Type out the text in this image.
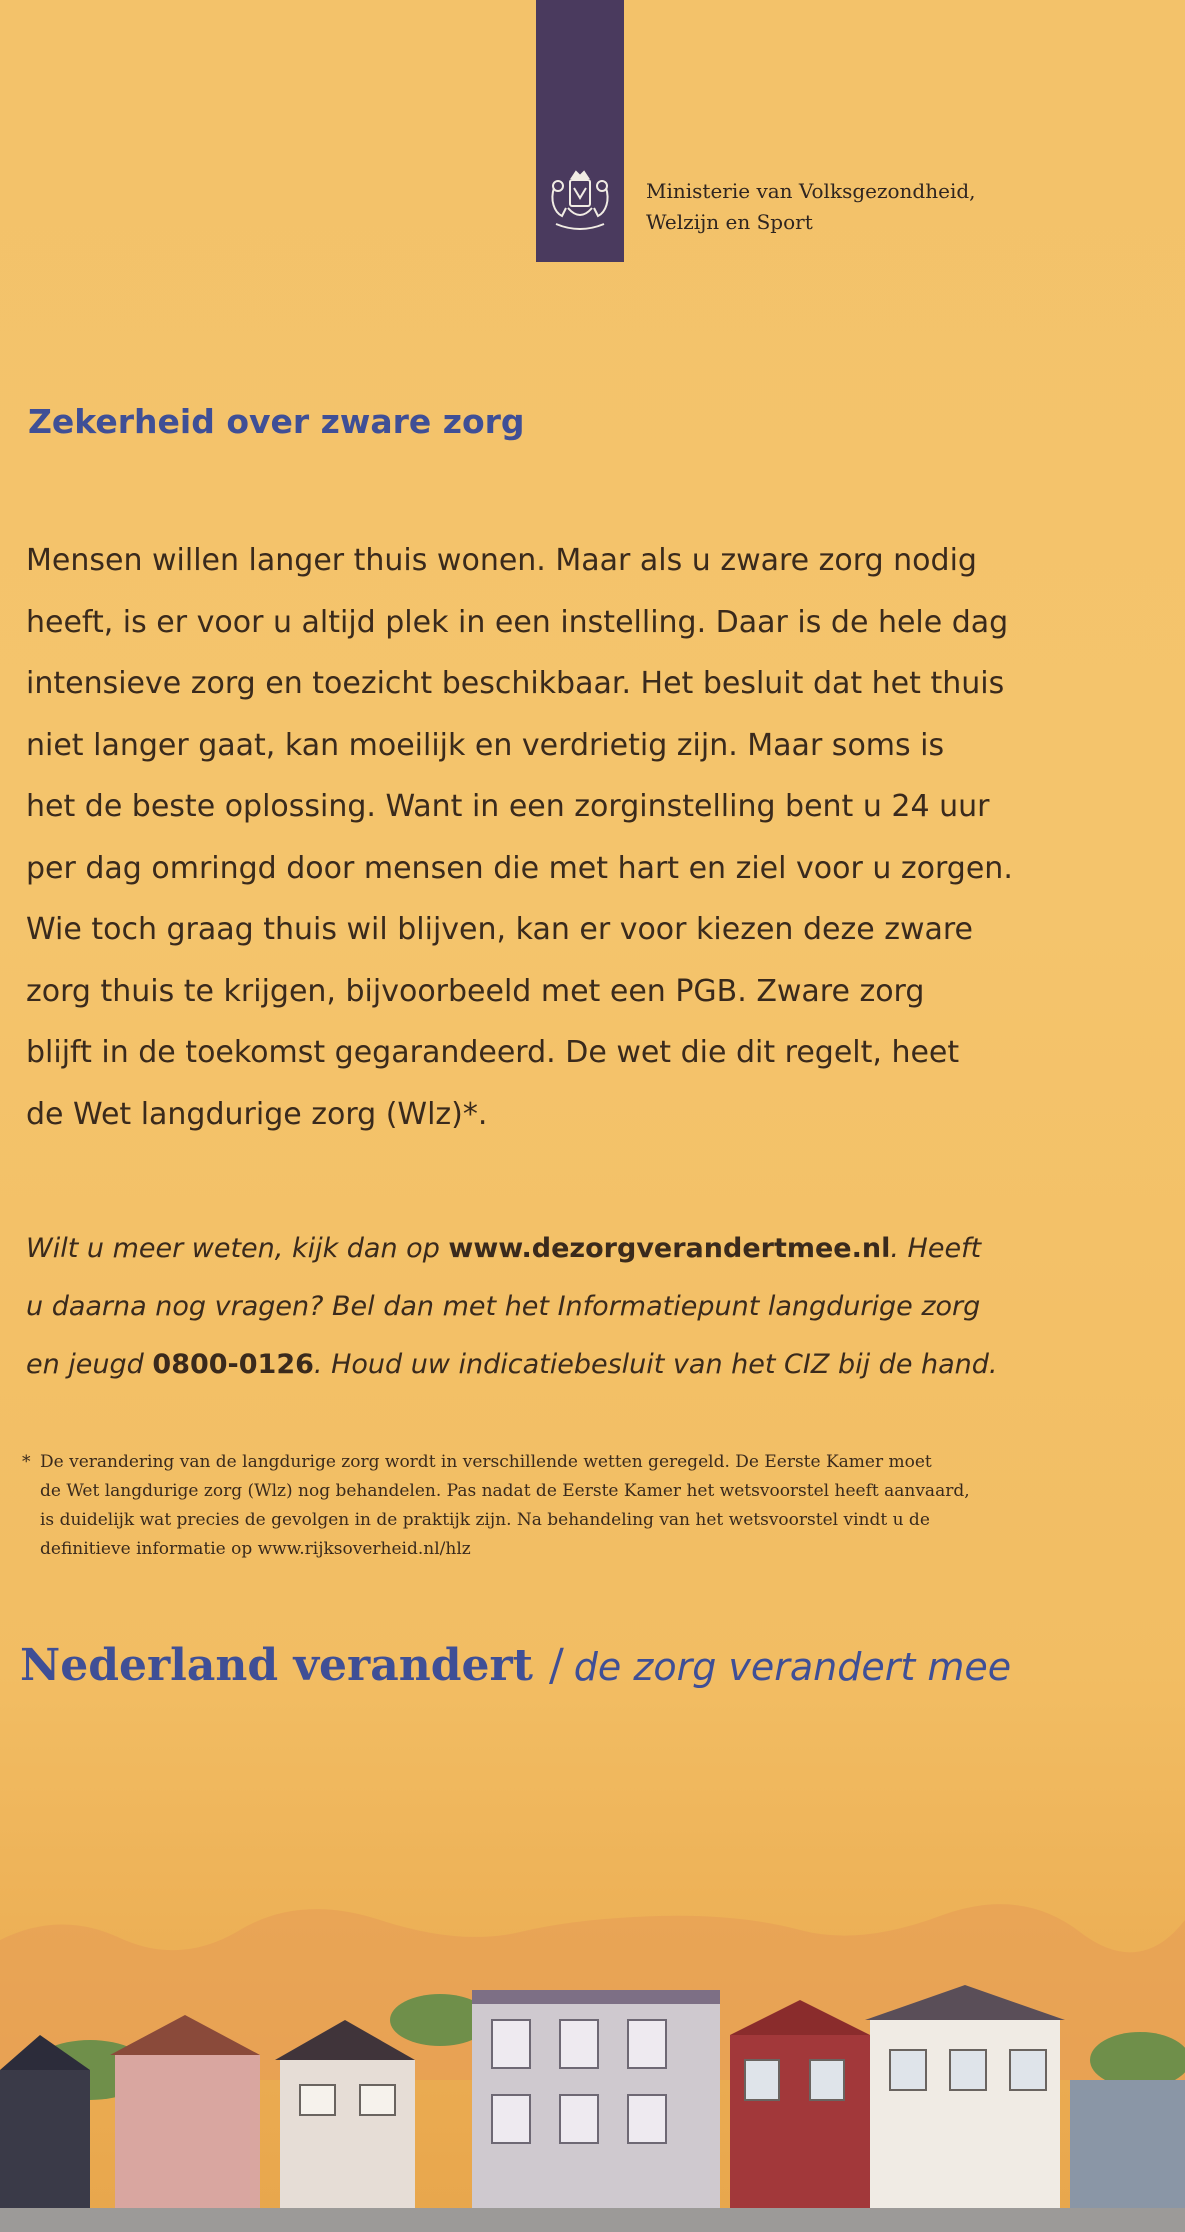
Ministerie van Volksgezondheid,
Welzijn en Sport
Zekerheid over zware zorg

Mensen willen langer thuis wonen. Maar als u zware zorg nodig
heeft, is er voor u altijd plek in een instelling. Daar is de hele dag
intensieve zorg en toezicht beschikbaar. Het besluit dat het thuis
niet langer gaat, kan moeilijk en verdrietig zijn. Maar soms is
het de beste oplossing. Want in een zorginstelling bent u 24 uur
per dag omringd door mensen die met hart en ziel voor u zorgen.
Wie toch graag thuis wil blijven, kan er voor kiezen deze zware
zorg thuis te krijgen, bijvoorbeeld met een PGB. Zware zorg
blijft in de toekomst gegarandeerd. De wet die dit regelt, heet
de Wet langdurige zorg (Wlz)*.

Wilt u meer weten, kijk dan op www.dezorgverandertmee.nl. Heeft
u daarna nog vragen? Bel dan met het Informatiepunt langdurige zorg
en jeugd 0800-0126. Houd uw indicatiebesluit van het CIZ bij de hand.

* De verandering van de langdurige zorg wordt in verschillende wetten geregeld. De Eerste Kamer moet
de Wet langdurige zorg (Wlz) nog behandelen. Pas nadat de Eerste Kamer het wetsvoorstel heeft aanvaard,
is duidelijk wat precies de gevolgen in de praktijk zijn. Na behandeling van het wetsvoorstel vindt u de
definitieve informatie op www.rijksoverheid.nl/hlz
Nederland verandert / de zorg verandert mee
